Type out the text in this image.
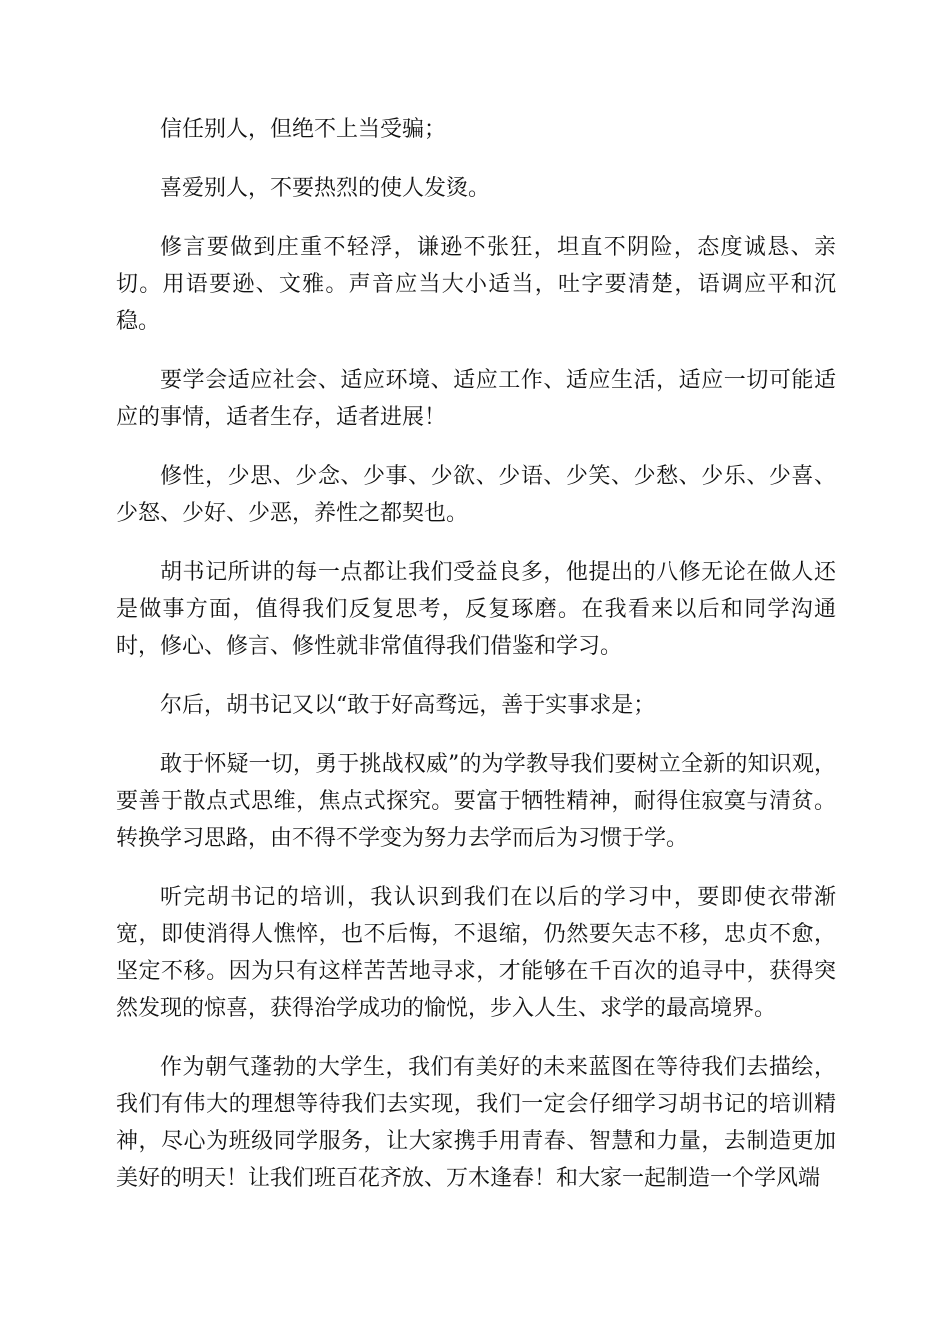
信任别人，但绝不上当受骗；

喜爱别人，不要热烈的使人发烫。

修言要做到庄重不轻浮，谦逊不张狂，坦直不阴险，态度诚恳、亲切。用语要逊、文雅。声音应当大小适当，吐字要清楚，语调应平和沉稳。

要学会适应社会、适应环境、适应工作、适应生活，适应一切可能适应的事情，适者生存，适者进展！

修性，少思、少念、少事、少欲、少语、少笑、少愁、少乐、少喜、少怒、少好、少恶，养性之都契也。

胡书记所讲的每一点都让我们受益良多，他提出的八修无论在做人还是做事方面，值得我们反复思考，反复琢磨。在我看来以后和同学沟通时，修心、修言、修性就非常值得我们借鉴和学习。

尔后，胡书记又以“敢于好高骛远，善于实事求是；

敢于怀疑一切，勇于挑战权威”的为学教导我们要树立全新的知识观，要善于散点式思维，焦点式探究。要富于牺牲精神，耐得住寂寞与清贫。转换学习思路，由不得不学变为努力去学而后为习惯于学。

听完胡书记的培训，我认识到我们在以后的学习中，要即使衣带渐宽，即使消得人憔悴，也不后悔，不退缩，仍然要矢志不移，忠贞不愈，坚定不移。因为只有这样苦苦地寻求，才能够在千百次的追寻中，获得突然发现的惊喜，获得治学成功的愉悦，步入人生、求学的最高境界。

作为朝气蓬勃的大学生，我们有美好的未来蓝图在等待我们去描绘，我们有伟大的理想等待我们去实现，我们一定会仔细学习胡书记的培训精神，尽心为班级同学服务，让大家携手用青春、智慧和力量，去制造更加美好的明天！让我们班百花齐放、万木逢春！和大家一起制造一个学风端
